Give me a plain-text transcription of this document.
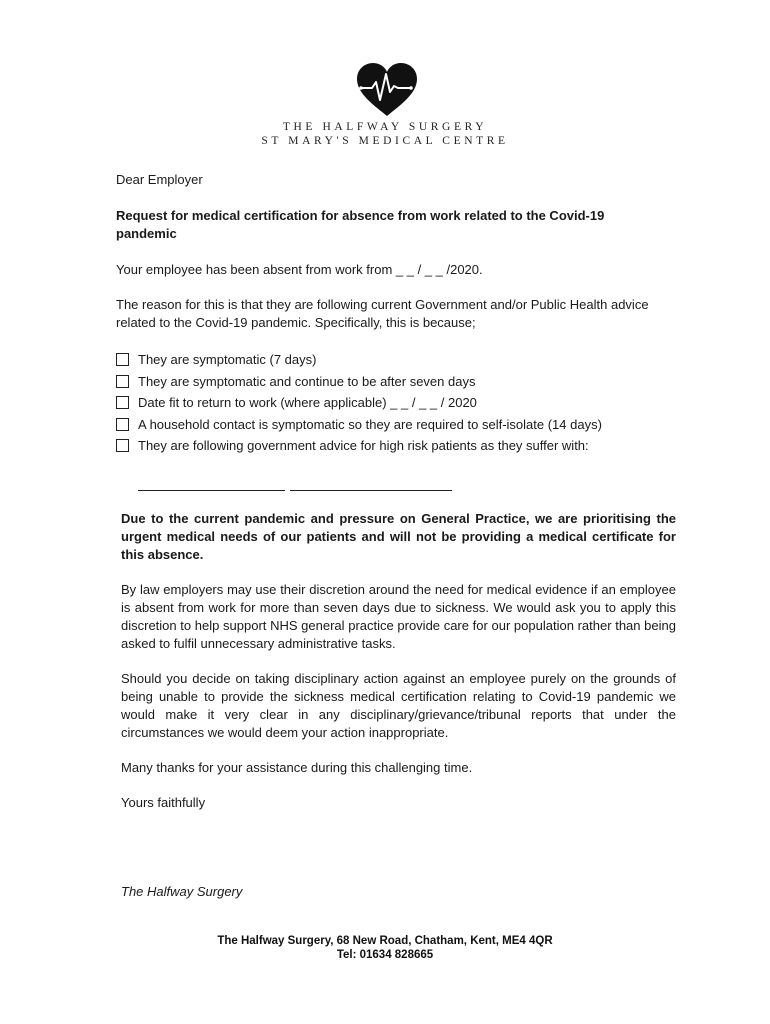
THE HALFWAY SURGERY
ST MARY'S MEDICAL CENTRE
Dear Employer
Request for medical certification for absence from work related to the Covid-19 pandemic
Your employee has been absent from work from _ _ / _ _ /2020.
The reason for this is that they are following current Government and/or Public Health advice related to the Covid-19 pandemic. Specifically, this is because;
They are symptomatic (7 days)
They are symptomatic and continue to be after seven days
Date fit to return to work (where applicable) _ _ / _ _ / 2020
A household contact is symptomatic so they are required to self-isolate (14 days)
They are following government advice for high risk patients as they suffer with:
Due to the current pandemic and pressure on General Practice, we are prioritising the urgent medical needs of our patients and will not be providing a medical certificate for this absence.
By law employers may use their discretion around the need for medical evidence if an employee is absent from work for more than seven days due to sickness. We would ask you to apply this discretion to help support NHS general practice provide care for our population rather than being asked to fulfil unnecessary administrative tasks.
Should you decide on taking disciplinary action against an employee purely on the grounds of being unable to provide the sickness medical certification relating to Covid-19 pandemic we would make it very clear in any disciplinary/grievance/tribunal reports that under the circumstances we would deem your action inappropriate.
Many thanks for your assistance during this challenging time.
Yours faithfully
The Halfway Surgery
The Halfway Surgery, 68 New Road, Chatham, Kent, ME4 4QR
Tel: 01634 828665
